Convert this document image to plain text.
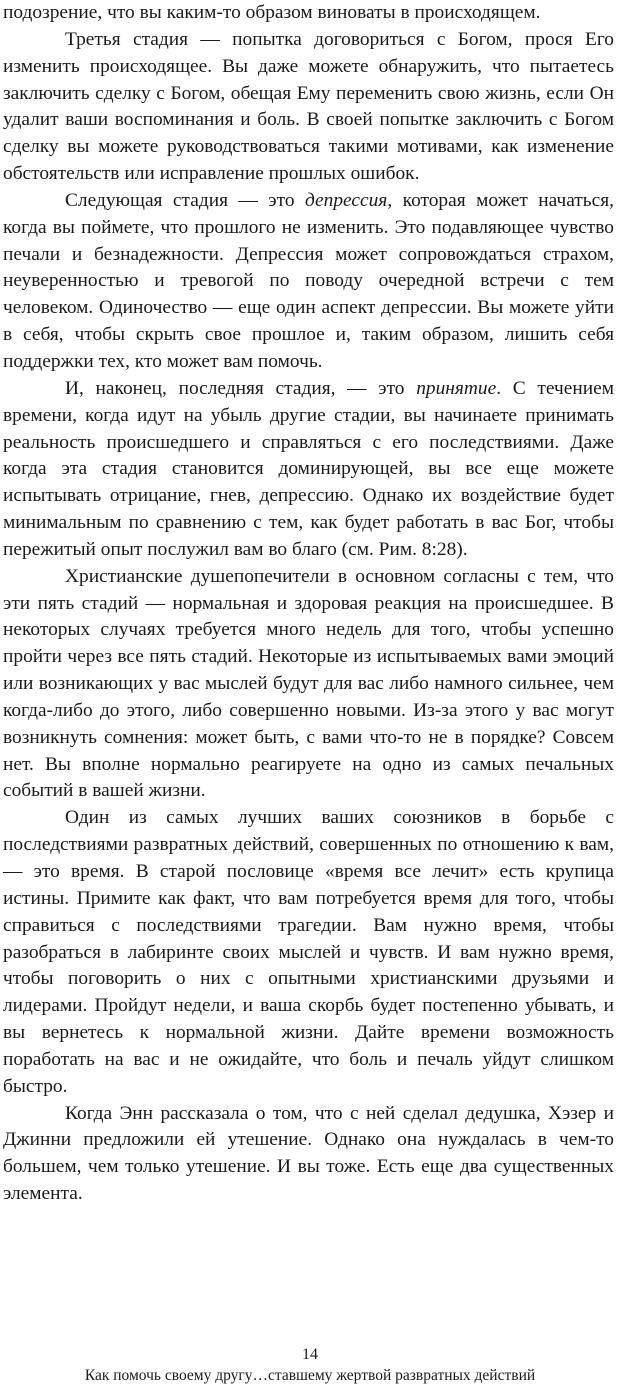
подозрение, что вы каким-то образом виноваты в происходящем.

Третья стадия — попытка договориться с Богом, прося Его изменить происходящее. Вы даже можете обнаружить, что пытаетесь заключить сделку с Богом, обещая Ему переменить свою жизнь, если Он удалит ваши воспоминания и боль. В своей попытке заключить с Богом сделку вы можете руководствоваться такими мотивами, как изменение обстоятельств или исправление прошлых ошибок.

Следующая стадия — это депрессия, которая может начаться, когда вы поймете, что прошлого не изменить. Это подавляющее чувство печали и безнадежности. Депрессия может сопровождаться страхом, неуверенностью и тревогой по поводу очередной встречи с тем человеком. Одиночество — еще один аспект депрессии. Вы можете уйти в себя, чтобы скрыть свое прошлое и, таким образом, лишить себя поддержки тех, кто может вам помочь.

И, наконец, последняя стадия, — это принятие. С течением времени, когда идут на убыль другие стадии, вы начинаете принимать реальность происшедшего и справляться с его последствиями. Даже когда эта стадия становится доминирующей, вы все еще можете испытывать отрицание, гнев, депрессию. Однако их воздействие будет минимальным по сравнению с тем, как будет работать в вас Бог, чтобы пережитый опыт послужил вам во благо (см. Рим. 8:28).

Христианские душепопечители в основном согласны с тем, что эти пять стадий — нормальная и здоровая реакция на происшедшее. В некоторых случаях требуется много недель для того, чтобы успешно пройти через все пять стадий. Некоторые из испытываемых вами эмоций или возникающих у вас мыслей будут для вас либо намного сильнее, чем когда-либо до этого, либо совершенно новыми. Из-за этого у вас могут возникнуть сомнения: может быть, с вами что-то не в порядке? Совсем нет. Вы вполне нормально реагируете на одно из самых печальных событий в вашей жизни.

Один из самых лучших ваших союзников в борьбе с последствиями развратных действий, совершенных по отношению к вам, — это время. В старой пословице «время все лечит» есть крупица истины. Примите как факт, что вам потребуется время для того, чтобы справиться с последствиями трагедии. Вам нужно время, чтобы разобраться в лабиринте своих мыслей и чувств. И вам нужно время, чтобы поговорить о них с опытными христианскими друзьями и лидерами. Пройдут недели, и ваша скорбь будет постепенно убывать, и вы вернетесь к нормальной жизни. Дайте времени возможность поработать на вас и не ожидайте, что боль и печаль уйдут слишком быстро.

Когда Энн рассказала о том, что с ней сделал дедушка, Хэзер и Джинни предложили ей утешение. Однако она нуждалась в чем-то большем, чем только утешение. И вы тоже. Есть еще два существенных элемента.

14
Как помочь своему другу…ставшему жертвой развратных действий
